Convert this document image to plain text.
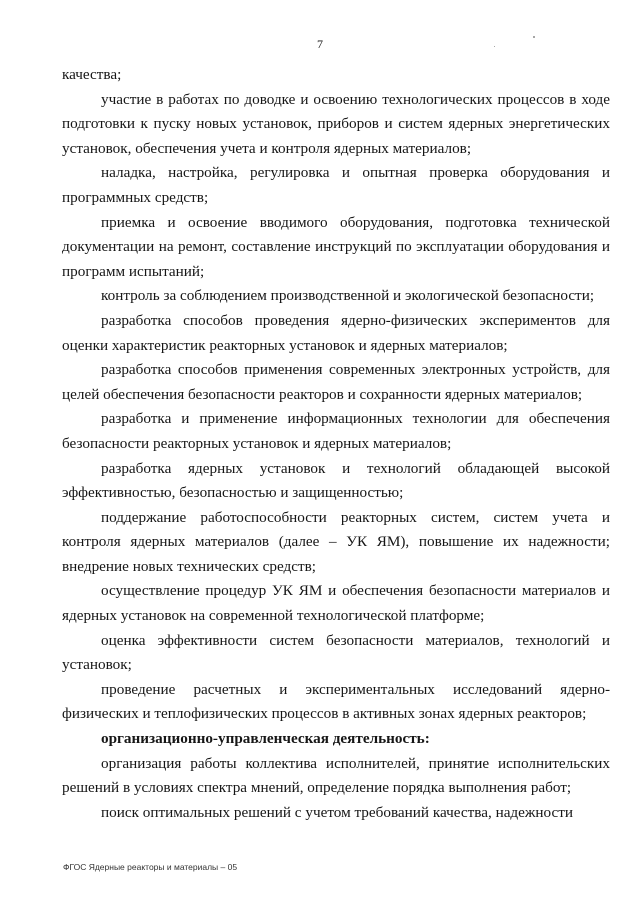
7

качества;

участие в работах по доводке и освоению технологических процессов в ходе подготовки к пуску новых установок, приборов и систем ядерных энергетических установок, обеспечения учета и контроля ядерных материалов;

наладка, настройка, регулировка и опытная проверка оборудования и программных средств;

приемка и освоение вводимого оборудования, подготовка технической документации на ремонт, составление инструкций по эксплуатации оборудования и программ испытаний;

контроль за соблюдением производственной и экологической безопасности;

разработка способов проведения ядерно-физических экспериментов для оценки характеристик реакторных установок и ядерных материалов;

разработка способов применения современных электронных устройств, для целей обеспечения безопасности реакторов и сохранности ядерных материалов;

разработка и применение информационных технологии для обеспечения безопасности реакторных установок и ядерных материалов;

разработка ядерных установок и технологий обладающей высокой эффективностью, безопасностью и защищенностью;

поддержание работоспособности реакторных систем, систем учета и контроля ядерных материалов (далее – УК ЯМ), повышение их надежности; внедрение новых технических средств;

осуществление процедур УК ЯМ и обеспечения безопасности материалов и ядерных установок на современной технологической платформе;

оценка эффективности систем безопасности материалов, технологий и установок;

проведение расчетных и экспериментальных исследований ядерно-физических и теплофизических процессов в активных зонах ядерных реакторов;

организационно-управленческая деятельность:

организация работы коллектива исполнителей, принятие исполнительских решений в условиях спектра мнений, определение порядка выполнения работ;

поиск оптимальных решений с учетом требований качества, надежности

ФГОС Ядерные реакторы и материалы – 05
